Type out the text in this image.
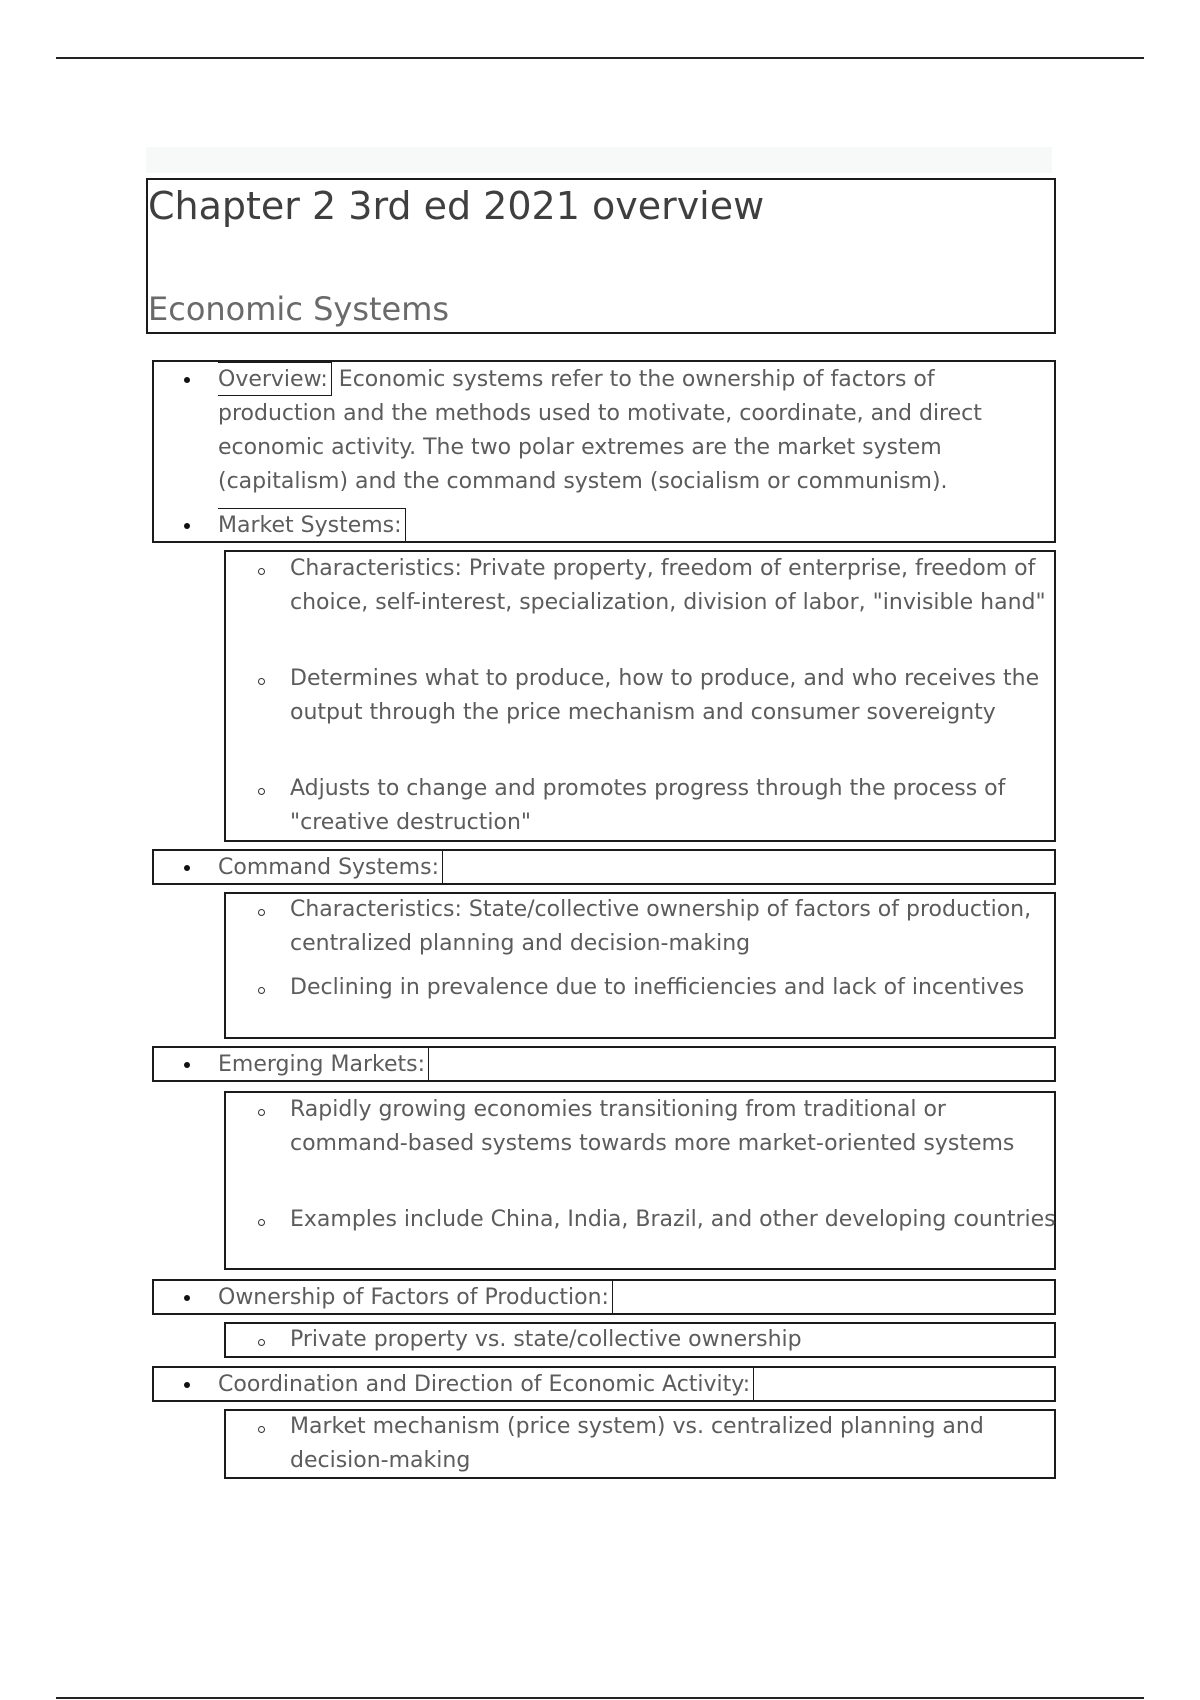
Chapter 2 3rd ed 2021 overview
Economic Systems
Overview: Economic systems refer to the ownership of factors of production and the methods used to motivate, coordinate, and direct economic activity. The two polar extremes are the market system (capitalism) and the command system (socialism or communism).
Market Systems:
Characteristics: Private property, freedom of enterprise, freedom of choice, self-interest, specialization, division of labor, "invisible hand"
Determines what to produce, how to produce, and who receives the output through the price mechanism and consumer sovereignty
Adjusts to change and promotes progress through the process of "creative destruction"
Command Systems:
Characteristics: State/collective ownership of factors of production, centralized planning and decision-making
Declining in prevalence due to inefficiencies and lack of incentives
Emerging Markets:
Rapidly growing economies transitioning from traditional or command-based systems towards more market-oriented systems
Examples include China, India, Brazil, and other developing countries
Ownership of Factors of Production:
Private property vs. state/collective ownership
Coordination and Direction of Economic Activity:
Market mechanism (price system) vs. centralized planning and decision-making
